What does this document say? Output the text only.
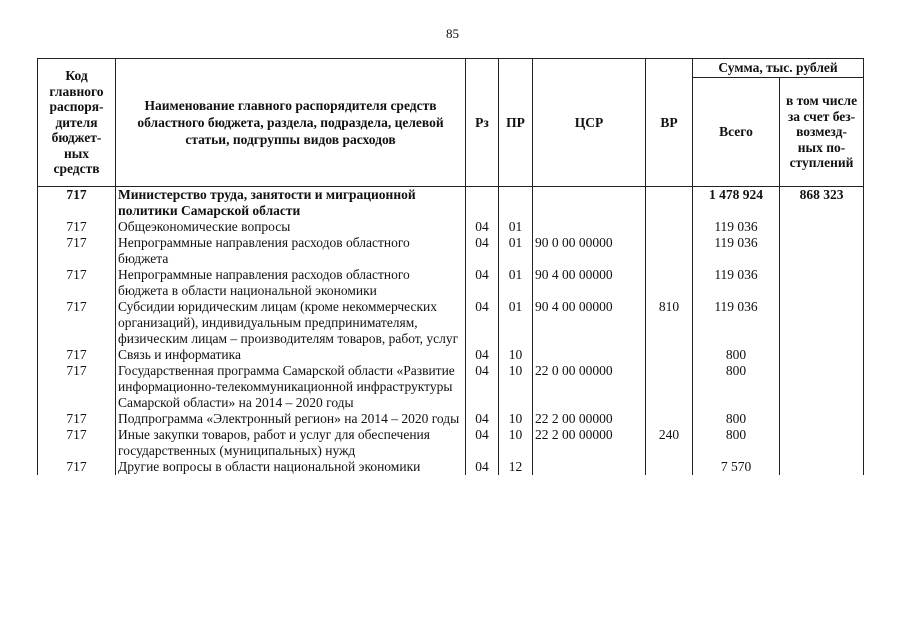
85
Код главного распоря- дителя бюджет- ных средств	Наименование главного распорядителя средств областного бюджета, раздела, подраздела, целевой статьи, подгруппы видов расходов	Рз	ПР	ЦСР	ВР	Сумма, тыс. рублей	
						Всего	в том числе за счет без- возмезд- ных по- ступлений
717	Министерство труда, занятости и миграционной политики Самарской области					1 478 924	868 323
717	Общеэкономические вопросы	04	01			119 036	
717	Непрограммные направления расходов областного бюджета	04	01	90 0 00 00000		119 036	
717	Непрограммные направления расходов областного бюджета в области национальной экономики	04	01	90 4 00 00000		119 036	
717	Субсидии юридическим лицам (кроме некоммерческих организаций), индивидуальным предпринимателям, физическим лицам – производителям товаров, работ, услуг	04	01	90 4 00 00000	810	119 036	
717	Связь и информатика	04	10			800	
717	Государственная программа Самарской области «Развитие информационно-телекоммуникационной инфраструктуры Самарской области» на 2014 – 2020 годы	04	10	22 0 00 00000		800	
717	Подпрограмма «Электронный регион» на 2014 – 2020 годы	04	10	22 2 00 00000		800	
717	Иные закупки товаров, работ и услуг для обеспечения государственных (муниципальных) нужд	04	10	22 2 00 00000	240	800	
717	Другие вопросы в области национальной экономики	04	12			7 570	
